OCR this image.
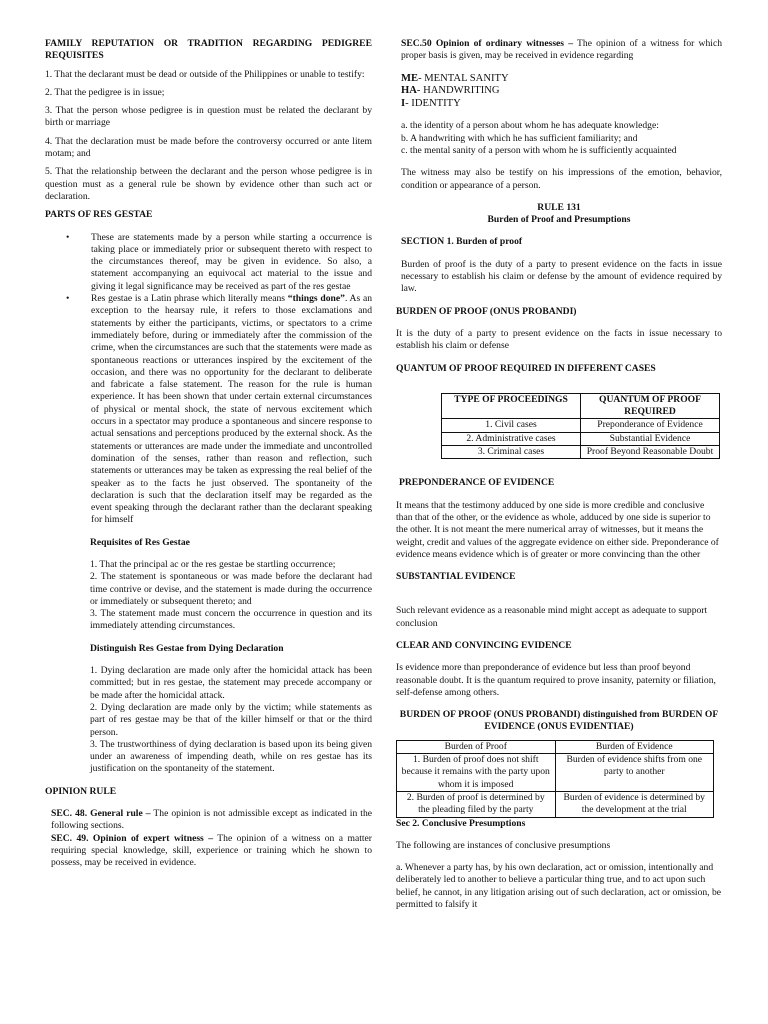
FAMILY REPUTATION OR TRADITION REGARDING PEDIGREE REQUISITES

1. That the declarant must be dead or outside of the Philippines or unable to testify:

2. That the pedigree is in issue;

3. That the person whose pedigree is in question must be related the declarant by birth or marriage

4. That the declaration must be made before the controversy occurred or ante litem motam; and

5. That the relationship between the declarant and the person whose pedigree is in question must as a general rule be shown by evidence other than such act or declaration.

PARTS OF RES GESTAE

• These are statements made by a person while starting a occurrence is taking place or immediately prior or subsequent thereto with respect to the circumstances thereof, may be given in evidence. So also, a statement accompanying an equivocal act material to the issue and giving it legal significance may be received as part of the res gestae
• Res gestae is a Latin phrase which literally means “things done”. As an exception to the hearsay rule, it refers to those exclamations and statements by either the participants, victims, or spectators to a crime immediately before, during or immediately after the commission of the crime, when the circumstances are such that the statements were made as spontaneous reactions or utterances inspired by the excitement of the occasion, and there was no opportunity for the declarant to deliberate and fabricate a false statement. The reason for the rule is human experience. It has been shown that under certain external circumstances of physical or mental shock, the state of nervous excitement which occurs in a spectator may produce a spontaneous and sincere response to actual sensations and perceptions produced by the external shock. As the statements or utterances are made under the immediate and uncontrolled domination of the senses, rather than reason and reflection, such statements or utterances may be taken as expressing the real belief of the speaker as to the facts he just observed. The spontaneity of the declaration is such that the declaration itself may be regarded as the event speaking through the declarant rather than the declarant speaking for himself

Requisites of Res Gestae

1. That the principal ac or the res gestae be startling occurrence;

2. The statement is spontaneous or was made before the declarant had time contrive or devise, and the statement is made during the occurrence or immediately or subsequent thereto; and

3. The statement made must concern the occurrence in question and its immediately attending circumstances.

Distinguish Res Gestae from Dying Declaration

1. Dying declaration are made only after the homicidal attack has been committed; but in res gestae, the statement may precede accompany or be made after the homicidal attack.

2. Dying declaration are made only by the victim; while statements as part of res gestae may be that of the killer himself or that or the third person.

3. The trustworthiness of dying declaration is based upon its being given under an awareness of impending death, while on res gestae has its justification on the spontaneity of the statement.

OPINION RULE

SEC. 48. General rule – The opinion is not admissible except as indicated in the following sections.

SEC. 49. Opinion of expert witness – The opinion of a witness on a matter requiring special knowledge, skill, experience or training which he shown to possess, may be received in evidence.

SEC.50 Opinion of ordinary witnesses – The opinion of a witness for which proper basis is given, may be received in evidence regarding

ME- MENTAL SANITY
HA- HANDWRITING
I- IDENTITY

a. the identity of a person about whom he has adequate knowledge:

b. A handwriting with which he has sufficient familiarity; and

c. the mental sanity of a person with whom he is sufficiently acquainted

The witness may also be testify on his impressions of the emotion, behavior, condition or appearance of a person.

RULE 131

Burden of Proof and Presumptions

SECTION 1. Burden of proof

Burden of proof is the duty of a party to present evidence on the facts in issue necessary to establish his claim or defense by the amount of evidence required by law.

BURDEN OF PROOF (ONUS PROBANDI)

It is the duty of a party to present evidence on the facts in issue necessary to establish his claim or defense

QUANTUM OF PROOF REQUIRED IN DIFFERENT CASES

TYPE OF PROCEEDINGS	QUANTUM OF PROOF REQUIRED
1. Civil cases	Preponderance of Evidence
2. Administrative cases	Substantial Evidence
3. Criminal cases	Proof Beyond Reasonable Doubt

PREPONDERANCE OF EVIDENCE

It means that the testimony adduced by one side is more credible and conclusive than that of the other, or the evidence as whole, adduced by one side is superior to the other. It is not meant the mere numerical array of witnesses, but it means the weight, credit and values of the aggregate evidence on either side. Preponderance of evidence means evidence which is of greater or more convincing than the other

SUBSTANTIAL EVIDENCE

Such relevant evidence as a reasonable mind might accept as adequate to support conclusion

CLEAR AND CONVINCING EVIDENCE

Is evidence more than preponderance of evidence but less than proof beyond reasonable doubt. It is the quantum required to prove insanity, paternity or filiation, self-defense among others.

BURDEN OF PROOF (ONUS PROBANDI) distinguished from BURDEN OF EVIDENCE (ONUS EVIDENTIAE)

Burden of Proof	Burden of Evidence
1. Burden of proof does not shift because it remains with the party upon whom it is imposed	Burden of evidence shifts from one party to another
2. Burden of proof is determined by the pleading filed by the party	Burden of evidence is determined by the development at the trial

Sec 2. Conclusive Presumptions

The following are instances of conclusive presumptions

a. Whenever a party has, by his own declaration, act or omission, intentionally and deliberately led to another to believe a particular thing true, and to act upon such belief, he cannot, in any litigation arising out of such declaration, act or omission, be permitted to falsify it
